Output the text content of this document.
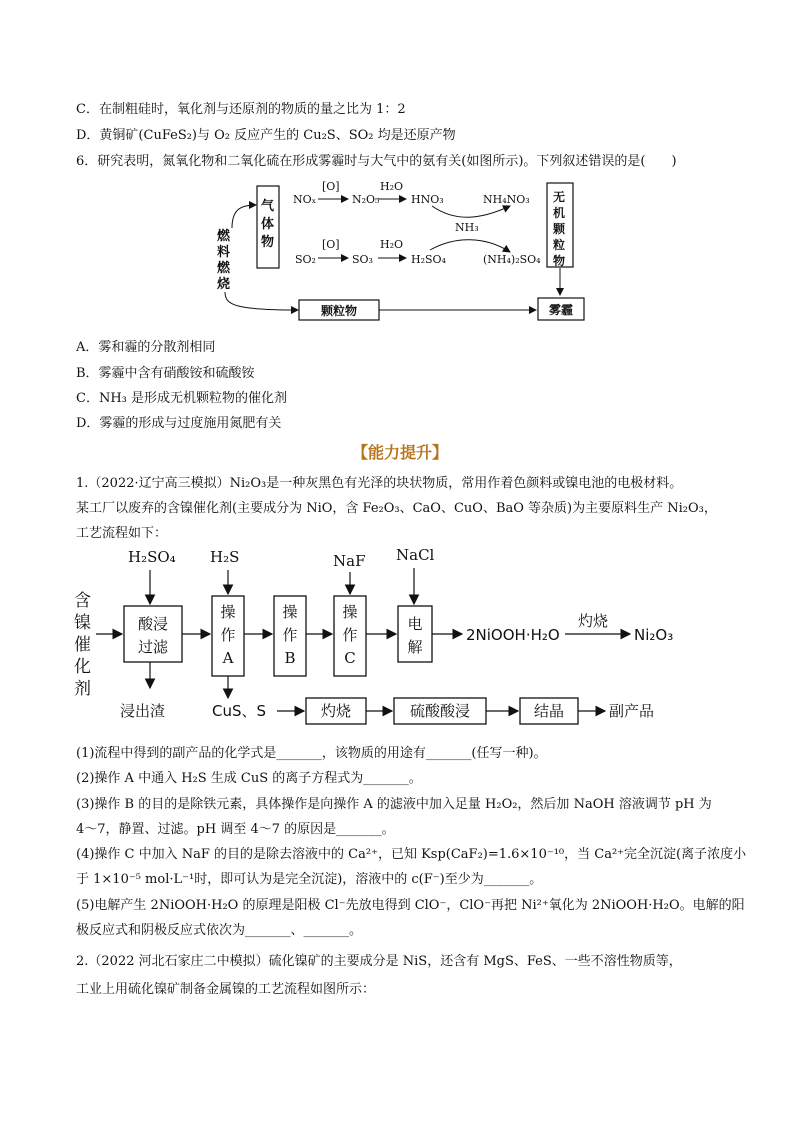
C．在制粗硅时，氧化剂与还原剂的物质的量之比为 1：2
D．黄铜矿(CuFeS₂)与 O₂ 反应产生的 Cu₂S、SO₂ 均是还原产物
6．研究表明，氮氧化物和二氧化硫在形成雾霾时与大气中的氨有关(如图所示)。下列叙述错误的是(　　)
燃
料
燃
烧
气
体
物
NOₓ	N₂O₅	HNO₃	NH₄NO₃
[O]	H₂O
NH₃
SO₂	SO₃	H₂SO₄	(NH₄)₂SO₄
[O]	H₂O
无
机
颗
粒
物
颗粒物	雾霾
A．雾和霾的分散剂相同
B．雾霾中含有硝酸铵和硫酸铵
C．NH₃ 是形成无机颗粒物的催化剂
D．雾霾的形成与过度施用氮肥有关
【能力提升】
1.（2022·辽宁高三模拟）Ni₂O₃是一种灰黑色有光泽的块状物质，常用作着色颜料或镍电池的电极材料。
某工厂以废弃的含镍催化剂(主要成分为 NiO，含 Fe₂O₃、CaO、CuO、BaO 等杂质)为主要原料生产 Ni₂O₃，
工艺流程如下：
含
镍
催
化
剂
H₂SO₄ H₂S	NaF NaCl
酸浸
过滤
操
作
A
操
作
B
操
作
C
电
解
2NiOOH·H₂O
灼烧
Ni₂O₃
浸出渣	CuS、S	灼烧	硫酸酸浸	结晶	副产品
(1)流程中得到的副产品的化学式是_______，该物质的用途有_______(任写一种)。
(2)操作 A 中通入 H₂S 生成 CuS 的离子方程式为_______。
(3)操作 B 的目的是除铁元素，具体操作是向操作 A 的滤液中加入足量 H₂O₂，然后加 NaOH 溶液调节 pH 为
4～7，静置、过滤。pH 调至 4～7 的原因是_______。
(4)操作 C 中加入 NaF 的目的是除去溶液中的 Ca²⁺，已知 Ksp(CaF₂)=1.6×10⁻¹⁰，当 Ca²⁺完全沉淀(离子浓度小
于 1×10⁻⁵ mol·L⁻¹时，即可认为是完全沉淀)，溶液中的 c(F⁻)至少为_______。
(5)电解产生 2NiOOH·H₂O 的原理是阳极 Cl⁻先放电得到 ClO⁻，ClO⁻再把 Ni²⁺氧化为 2NiOOH·H₂O。电解的阳
极反应式和阴极反应式依次为_______、_______。
2.（2022 河北石家庄二中模拟）硫化镍矿的主要成分是 NiS，还含有 MgS、FeS、一些不溶性物质等，
工业上用硫化镍矿制备金属镍的工艺流程如图所示：
